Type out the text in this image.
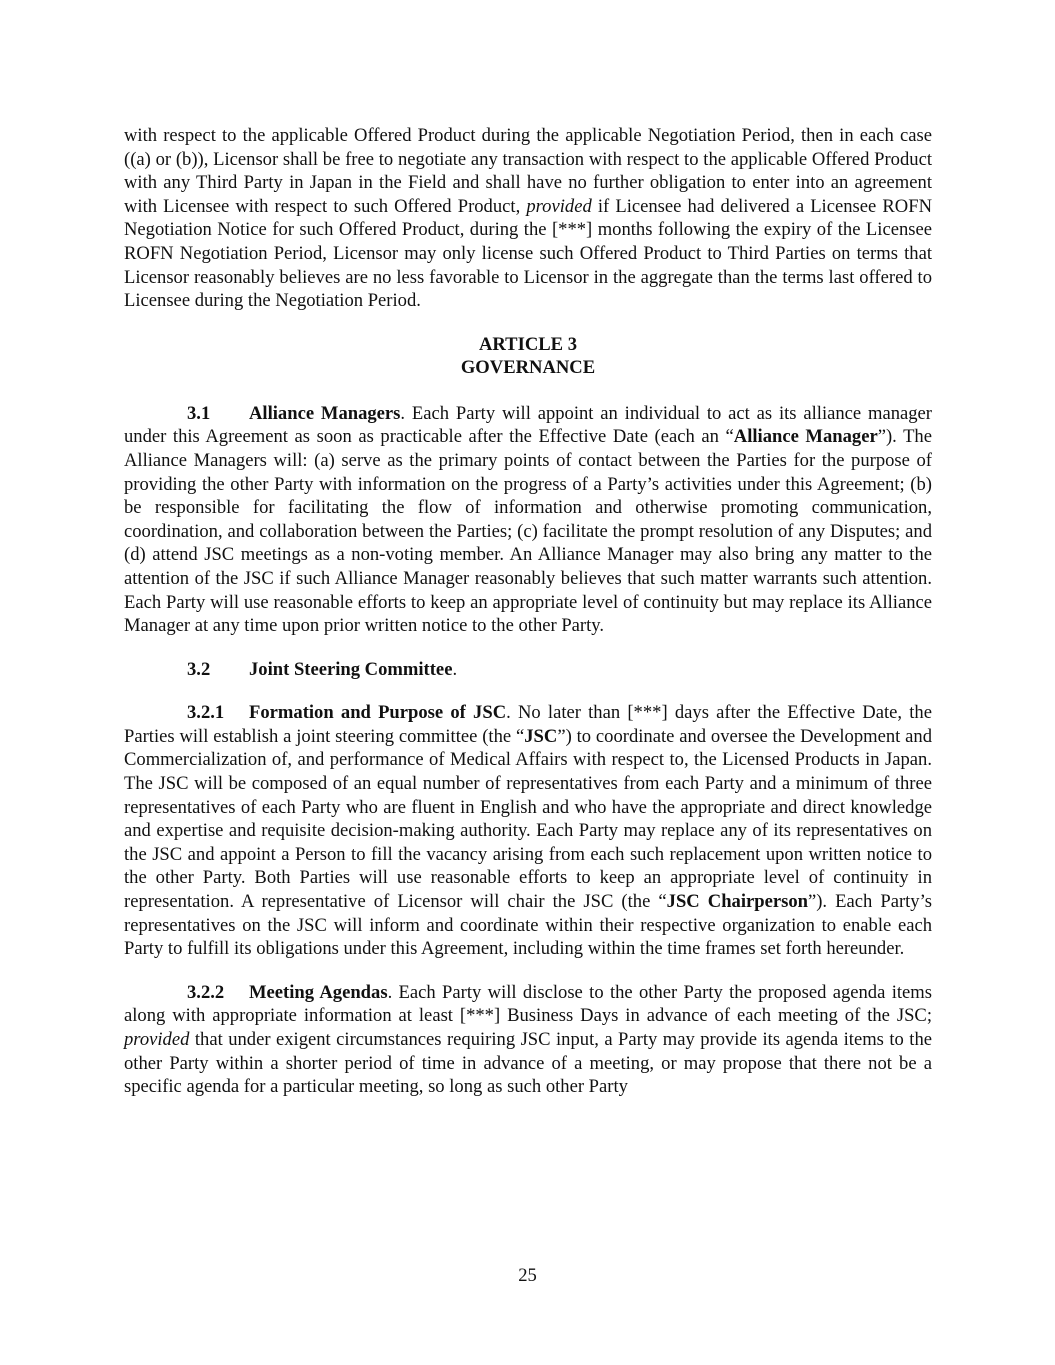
with respect to the applicable Offered Product during the applicable Negotiation Period, then in each case ((a) or (b)), Licensor shall be free to negotiate any transaction with respect to the applicable Offered Product with any Third Party in Japan in the Field and shall have no further obligation to enter into an agreement with Licensee with respect to such Offered Product, provided if Licensee had delivered a Licensee ROFN Negotiation Notice for such Offered Product, during the [***] months following the expiry of the Licensee ROFN Negotiation Period, Licensor may only license such Offered Product to Third Parties on terms that Licensor reasonably believes are no less favorable to Licensor in the aggregate than the terms last offered to Licensee during the Negotiation Period.

ARTICLE 3
GOVERNANCE

3.1 Alliance Managers. Each Party will appoint an individual to act as its alliance manager under this Agreement as soon as practicable after the Effective Date (each an “Alliance Manager”). The Alliance Managers will: (a) serve as the primary points of contact between the Parties for the purpose of providing the other Party with information on the progress of a Party’s activities under this Agreement; (b) be responsible for facilitating the flow of information and otherwise promoting communication, coordination, and collaboration between the Parties; (c) facilitate the prompt resolution of any Disputes; and (d) attend JSC meetings as a non-voting member. An Alliance Manager may also bring any matter to the attention of the JSC if such Alliance Manager reasonably believes that such matter warrants such attention. Each Party will use reasonable efforts to keep an appropriate level of continuity but may replace its Alliance Manager at any time upon prior written notice to the other Party.

3.2 Joint Steering Committee.

3.2.1 Formation and Purpose of JSC. No later than [***] days after the Effective Date, the Parties will establish a joint steering committee (the “JSC”) to coordinate and oversee the Development and Commercialization of, and performance of Medical Affairs with respect to, the Licensed Products in Japan. The JSC will be composed of an equal number of representatives from each Party and a minimum of three representatives of each Party who are fluent in English and who have the appropriate and direct knowledge and expertise and requisite decision-making authority. Each Party may replace any of its representatives on the JSC and appoint a Person to fill the vacancy arising from each such replacement upon written notice to the other Party. Both Parties will use reasonable efforts to keep an appropriate level of continuity in representation. A representative of Licensor will chair the JSC (the “JSC Chairperson”). Each Party’s representatives on the JSC will inform and coordinate within their respective organization to enable each Party to fulfill its obligations under this Agreement, including within the time frames set forth hereunder.

3.2.2 Meeting Agendas. Each Party will disclose to the other Party the proposed agenda items along with appropriate information at least [***] Business Days in advance of each meeting of the JSC; provided that under exigent circumstances requiring JSC input, a Party may provide its agenda items to the other Party within a shorter period of time in advance of a meeting, or may propose that there not be a specific agenda for a particular meeting, so long as such other Party

25
